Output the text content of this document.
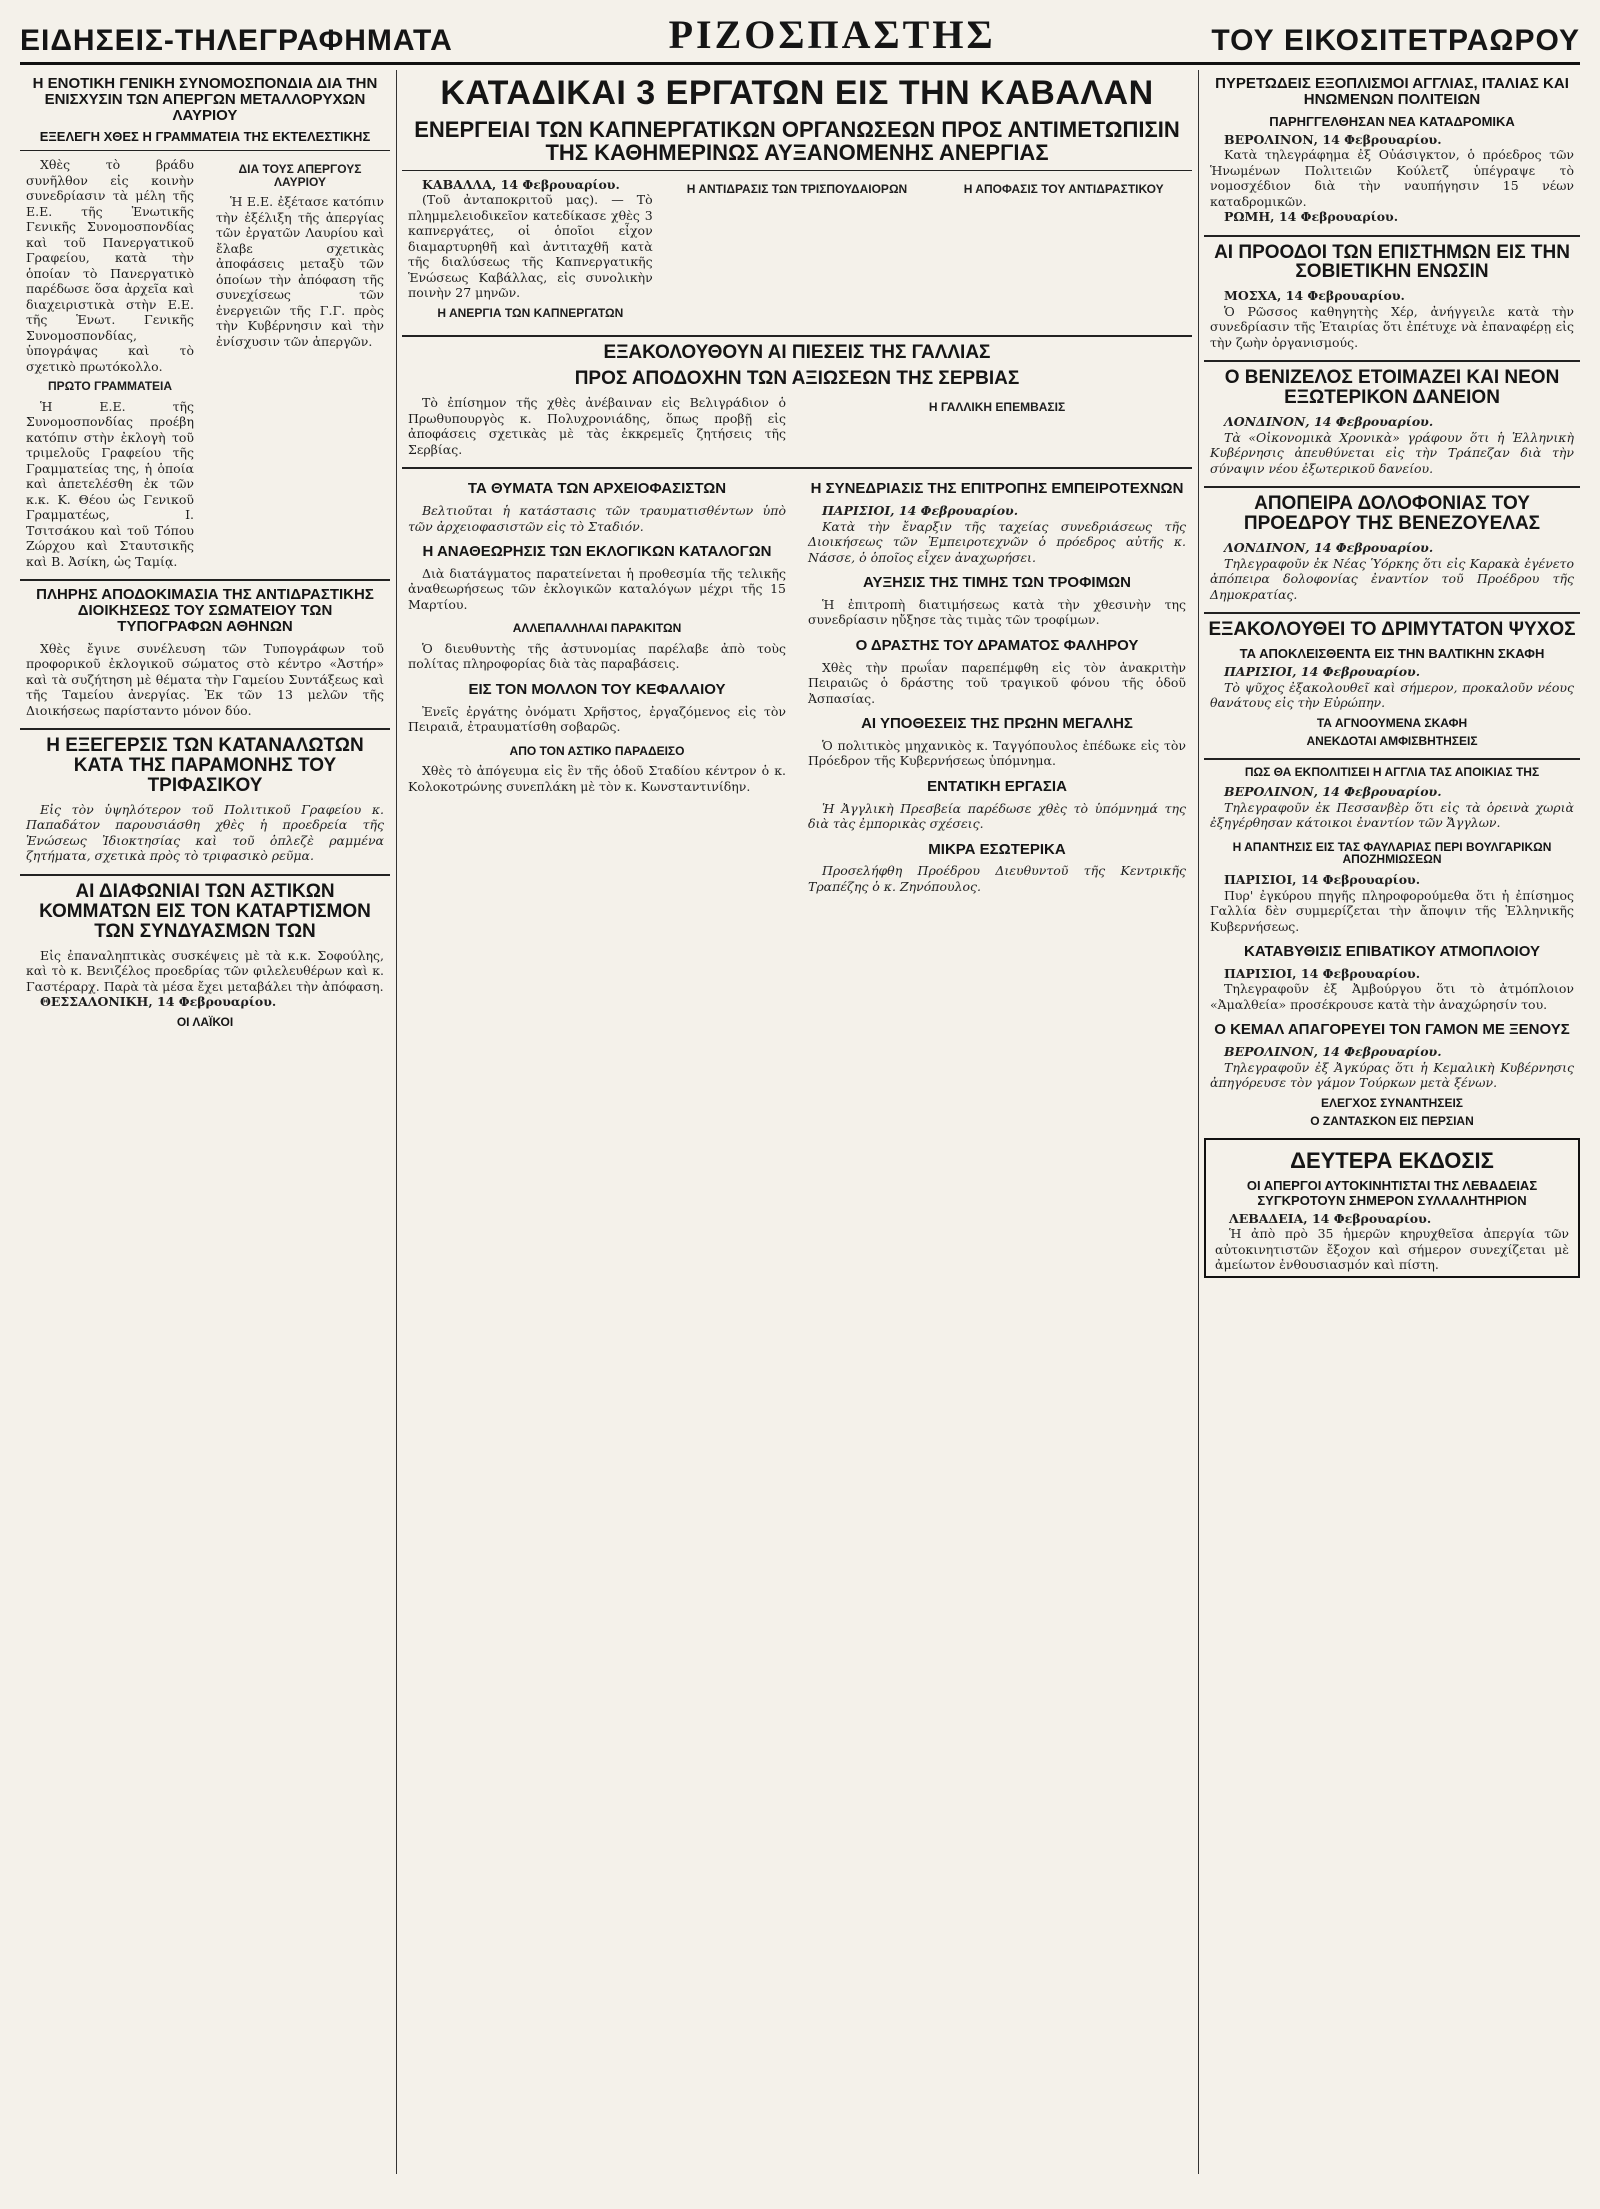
ΕΙΔΗΣΕΙΣ-ΤΗΛΕΓΡΑΦΗΜΑΤΑ	ΡΙΖΟΣΠΑΣΤΗΣ	ΤΟΥ ΕΙΚΟΣΙΤΕΤΡΑΩΡΟΥ
Η ΕΝΟΤΙΚΗ ΓΕΝΙΚΗ ΣΥΝΟΜΟΣΠΟΝΔΙΑ ΔΙΑ ΤΗΝ ΕΝΙΣΧΥΣΙΝ ΤΩΝ ΑΠΕΡΓΩΝ ΜΕΤΑΛΛΟΡΥΧΩΝ ΛΑΥΡΙΟΥ
ΕΞΕΛΕΓΗ ΧΘΕΣ Η ΓΡΑΜΜΑΤΕΙΑ ΤΗΣ ΕΚΤΕΛΕΣΤΙΚΗΣ

Χθὲς τὸ βράδυ συνῆλθον εἰς κοινὴν συνεδρίασιν τὰ μέλη τῆς Ε.Ε. τῆς Ἑνωτικῆς Γενικῆς Συνομοσπονδίας καὶ τοῦ Πανεργατικοῦ Γραφείου, κατὰ τὴν ὁποίαν τὸ Πανεργατικὸ παρέδωσε ὅσα ἀρχεῖα καὶ διαχειριστικὰ στὴν Ε.Ε. τῆς Ἑνωτ. Γενικῆς Συνομοσπονδίας, ὑπογράψας καὶ τὸ σχετικὸ πρωτόκολλο.

ΠΡΩΤΟ ΓΡΑΜΜΑΤΕΙΑ

Ἡ Ε.Ε. τῆς Συνομοσπονδίας προέβη κατόπιν στὴν ἐκλογὴ τοῦ τριμελοῦς Γραφείου τῆς Γραμματείας της, ἡ ὁποία καὶ ἀπετελέσθη ἐκ τῶν κ.κ. Κ. Θέου ὡς Γενικοῦ Γραμματέως, Ι. Τσιτσάκου καὶ τοῦ Τόπου Ζώρχου καὶ Σταυτσικῆς καὶ Β. Ἀσίκη, ὡς Ταμίᾳ.

ΔΙΑ ΤΟΥΣ ΑΠΕΡΓΟΥΣ ΛΑΥΡΙΟΥ

Ἡ Ε.Ε. ἐξέτασε κατόπιν τὴν ἐξέλιξη τῆς ἀπεργίας τῶν ἐργατῶν Λαυρίου καὶ ἔλαβε σχετικὰς ἀποφάσεις μεταξὺ τῶν ὁποίων τὴν ἀπόφαση τῆς συνεχίσεως τῶν ἐνεργειῶν τῆς Γ.Γ. πρὸς τὴν Κυβέρνησιν καὶ τὴν ἐνίσχυσιν τῶν ἀπεργῶν.

ΠΛΗΡΗΣ ΑΠΟΔΟΚΙΜΑΣΙΑ ΤΗΣ ΑΝΤΙΔΡΑΣΤΙΚΗΣ ΔΙΟΙΚΗΣΕΩΣ ΤΟΥ ΣΩΜΑΤΕΙΟΥ ΤΩΝ ΤΥΠΟΓΡΑΦΩΝ ΑΘΗΝΩΝ

Χθὲς ἔγινε συνέλευση τῶν Τυπογράφων τοῦ προφορικοῦ ἐκλογικοῦ σώματος στὸ κέντρο «Ἀστήρ» καὶ τὰ συζήτηση μὲ θέματα τὴν Γαμείου Συντάξεως καὶ τῆς Ταμείου ἀνεργίας. Ἐκ τῶν 13 μελῶν τῆς Διοικήσεως παρίσταντο μόνον δύο.

Η ΕΞΕΓΕΡΣΙΣ ΤΩΝ ΚΑΤΑΝΑΛΩΤΩΝ ΚΑΤΑ ΤΗΣ ΠΑΡΑΜΟΝΗΣ ΤΟΥ ΤΡΙΦΑΣΙΚΟΥ

Εἰς τὸν ὑψηλότερον τοῦ Πολιτικοῦ Γραφείου κ. Παπαδάτον παρουσιάσθη χθὲς ἡ προεδρεία τῆς Ἑνώσεως Ἰδιοκτησίας καὶ τοῦ ὁπλεζὲ ραμμένα ζητήματα, σχετικὰ πρὸς τὸ τριφασικὸ ρεῦμα.

ΑΙ ΔΙΑΦΩΝΙΑΙ ΤΩΝ ΑΣΤΙΚΩΝ ΚΟΜΜΑΤΩΝ ΕΙΣ ΤΟΝ ΚΑΤΑΡΤΙΣΜΟΝ ΤΩΝ ΣΥΝΔΥΑΣΜΩΝ ΤΩΝ

Εἰς ἐπαναληπτικὰς συσκέψεις μὲ τὰ κ.κ. Σοφούλης, καὶ τὸ κ. Βενιζέλος προεδρίας τῶν φιλελευθέρων καὶ κ. Γαστέραρχ. Παρὰ τὰ μέσα ἔχει μεταβάλει τὴν ἀπόφαση.

ΘΕΣΣΑΛΟΝΙΚΗ, 14 Φεβρουαρίου.

ΟΙ ΛΑΪΚΟΙ
ΚΑΤΑΔΙΚΑΙ 3 ΕΡΓΑΤΩΝ ΕΙΣ ΤΗΝ ΚΑΒΑΛΑΝ
ΕΝΕΡΓΕΙΑΙ ΤΩΝ ΚΑΠΝΕΡΓΑΤΙΚΩΝ ΟΡΓΑΝΩΣΕΩΝ ΠΡΟΣ ΑΝΤΙΜΕΤΩΠΙΣΙΝ ΤΗΣ ΚΑΘΗΜΕΡΙΝΩΣ ΑΥΞΑΝΟΜΕΝΗΣ ΑΝΕΡΓΙΑΣ

ΚΑΒΑΛΛΑ, 14 Φεβρουαρίου.

(Τοῦ ἀνταποκριτοῦ μας). — Τὸ πλημμελειοδικεῖον κατεδίκασε χθὲς 3 καπνεργάτες, οἱ ὁποῖοι εἶχον διαμαρτυρηθῆ καὶ ἀντιταχθῆ κατὰ τῆς διαλύσεως τῆς Καπνεργατικῆς Ἑνώσεως Καβάλλας, εἰς συνολικὴν ποινὴν 27 μηνῶν.

Η ΑΝΕΡΓΙΑ ΤΩΝ ΚΑΠΝΕΡΓΑΤΩΝ
Η ΑΝΤΙΔΡΑΣΙΣ ΤΩΝ ΤΡΙΣΠΟΥΔΑΙΟΡΩΝ	Η ΑΠΟΦΑΣΙΣ ΤΟΥ ΑΝΤΙΔΡΑΣΤΙΚΟΥ
ΕΞΑΚΟΛΟΥΘΟΥΝ ΑΙ ΠΙΕΣΕΙΣ ΤΗΣ ΓΑΛΛΙΑΣ
ΠΡΟΣ ΑΠΟΔΟΧΗΝ ΤΩΝ ΑΞΙΩΣΕΩΝ ΤΗΣ ΣΕΡΒΙΑΣ

Τὸ ἐπίσημον τῆς χθὲς ἀνέβαιναν εἰς Βελιγράδιον ὁ Πρωθυπουργὸς κ. Πολυχρονιάδης, ὅπως προβῇ εἰς ἀποφάσεις σχετικὰς μὲ τὰς ἐκκρεμεῖς ζητήσεις τῆς Σερβίας.

Η ΓΑΛΛΙΚΗ ΕΠΕΜΒΑΣΙΣ
ΤΑ ΘΥΜΑΤΑ ΤΩΝ ΑΡΧΕΙΟΦΑΣΙΣΤΩΝ

Βελτιοῦται ἡ κατάστασις τῶν τραυματισθέντων ὑπὸ τῶν ἀρχειοφασιστῶν εἰς τὸ Σταδιόν.

Η ΑΝΑΘΕΩΡΗΣΙΣ ΤΩΝ ΕΚΛΟΓΙΚΩΝ ΚΑΤΑΛΟΓΩΝ

Διὰ διατάγματος παρατείνεται ἡ προθεσμία τῆς τελικῆς ἀναθεωρήσεως τῶν ἐκλογικῶν καταλόγων μέχρι τῆς 15 Μαρτίου.

ΑΛΛΕΠΑΛΛΗΛΑΙ ΠΑΡΑΚΙΤΩΝ

Ὁ διευθυντὴς τῆς ἀστυνομίας παρέλαβε ἀπὸ τοὺς πολίτας πληροφορίας διὰ τὰς παραβάσεις.

ΕΙΣ ΤΟΝ ΜΟΛΛΟΝ ΤΟΥ ΚΕΦΑΛΑΙΟΥ

Ἐνεῖς ἐργάτης ὀνόματι Χρῆστος, ἐργαζόμενος εἰς τὸν Πειραιᾶ, ἐτραυματίσθη σοβαρῶς.

ΑΠΟ ΤΟΝ ΑΣΤΙΚΟ ΠΑΡΑΔΕΙΣΟ

Χθὲς τὸ ἀπόγευμα εἰς ἓν τῆς ὁδοῦ Σταδίου κέντρον ὁ κ. Κολοκοτρώνης συνεπλάκη μὲ τὸν κ. Κωνσταντινίδην.

Η ΣΥΝΕΔΡΙΑΣΙΣ ΤΗΣ ΕΠΙΤΡΟΠΗΣ ΕΜΠΕΙΡΟΤΕΧΝΩΝ

ΠΑΡΙΣΙΟΙ, 14 Φεβρουαρίου.

Κατὰ τὴν ἔναρξιν τῆς ταχείας συνεδριάσεως τῆς Διοικήσεως τῶν Ἐμπειροτεχνῶν ὁ πρόεδρος αὐτῆς κ. Νάσσε, ὁ ὁποῖος εἶχεν ἀναχωρήσει.

ΑΥΞΗΣΙΣ ΤΗΣ ΤΙΜΗΣ ΤΩΝ ΤΡΟΦΙΜΩΝ

Ἡ ἐπιτροπὴ διατιμήσεως κατὰ τὴν χθεσινὴν της συνεδρίασιν ηὔξησε τὰς τιμὰς τῶν τροφίμων.

Ο ΔΡΑΣΤΗΣ ΤΟΥ ΔΡΑΜΑΤΟΣ ΦΑΛΗΡΟΥ

Χθὲς τὴν πρωΐαν παρεπέμφθη εἰς τὸν ἀνακριτὴν Πειραιῶς ὁ δράστης τοῦ τραγικοῦ φόνου τῆς ὁδοῦ Ἀσπασίας.

ΑΙ ΥΠΟΘΕΣΕΙΣ ΤΗΣ ΠΡΩΗΝ ΜΕΓΑΛΗΣ

Ὁ πολιτικὸς μηχανικὸς κ. Ταγγόπουλος ἐπέδωκε εἰς τὸν Πρόεδρον τῆς Κυβερνήσεως ὑπόμνημα.

ΕΝΤΑΤΙΚΗ ΕΡΓΑΣΙΑ

Ἡ Ἀγγλικὴ Πρεσβεία παρέδωσε χθὲς τὸ ὑπόμνημά της διὰ τὰς ἐμπορικὰς σχέσεις.

ΜΙΚΡΑ ΕΣΩΤΕΡΙΚΑ

Προσελήφθη Προέδρου Διευθυντοῦ τῆς Κεντρικῆς Τραπέζης ὁ κ. Ζηνόπουλος.

ΠΥΡΕΤΩΔΕΙΣ ΕΞΟΠΛΙΣΜΟΙ ΑΓΓΛΙΑΣ, ΙΤΑΛΙΑΣ ΚΑΙ ΗΝΩΜΕΝΩΝ ΠΟΛΙΤΕΙΩΝ
ΠΑΡΗΓΓΕΛΘΗΣΑΝ ΝΕΑ ΚΑΤΑΔΡΟΜΙΚΑ

ΒΕΡΟΛΙΝΟΝ, 14 Φεβρουαρίου.

Κατὰ τηλεγράφημα ἐξ Οὐάσιγκτον, ὁ πρόεδρος τῶν Ἡνωμένων Πολιτειῶν Κούλετζ ὑπέγραψε τὸ νομοσχέδιον διὰ τὴν ναυπήγησιν 15 νέων καταδρομικῶν.

ΡΩΜΗ, 14 Φεβρουαρίου.

ΑΙ ΠΡΟΟΔΟΙ ΤΩΝ ΕΠΙΣΤΗΜΩΝ ΕΙΣ ΤΗΝ ΣΟΒΙΕΤΙΚΗΝ ΕΝΩΣΙΝ

ΜΟΣΧΑ, 14 Φεβρουαρίου.

Ὁ Ρῶσσος καθηγητὴς Χέρ, ἀνήγγειλε κατὰ τὴν συνεδρίασιν τῆς Ἑταιρίας ὅτι ἐπέτυχε νὰ ἐπαναφέρῃ εἰς τὴν ζωὴν ὀργανισμούς.

Ο ΒΕΝΙΖΕΛΟΣ ΕΤΟΙΜΑΖΕΙ ΚΑΙ ΝΕΟΝ ΕΞΩΤΕΡΙΚΟΝ ΔΑΝΕΙΟΝ

ΛΟΝΔΙΝΟΝ, 14 Φεβρουαρίου.

Τὰ «Οἰκονομικὰ Χρονικὰ» γράφουν ὅτι ἡ Ἑλληνικὴ Κυβέρνησις ἀπευθύνεται εἰς τὴν Τράπεζαν διὰ τὴν σύναψιν νέου ἐξωτερικοῦ δανείου.

ΑΠΟΠΕΙΡΑ ΔΟΛΟΦΟΝΙΑΣ ΤΟΥ ΠΡΟΕΔΡΟΥ ΤΗΣ ΒΕΝΕΖΟΥΕΛΑΣ

ΛΟΝΔΙΝΟΝ, 14 Φεβρουαρίου.

Τηλεγραφοῦν ἐκ Νέας Ὑόρκης ὅτι εἰς Καρακὰ ἐγένετο ἀπόπειρα δολοφονίας ἐναντίον τοῦ Προέδρου τῆς Δημοκρατίας.

ΕΞΑΚΟΛΟΥΘΕΙ ΤΟ ΔΡΙΜΥΤΑΤΟΝ ΨΥΧΟΣ
ΤΑ ΑΠΟΚΛΕΙΣΘΕΝΤΑ ΕΙΣ ΤΗΝ ΒΑΛΤΙΚΗΝ ΣΚΑΦΗ

ΠΑΡΙΣΙΟΙ, 14 Φεβρουαρίου.

Τὸ ψῦχος ἐξακολουθεῖ καὶ σήμερον, προκαλοῦν νέους θανάτους εἰς τὴν Εὐρώπην.

ΤΑ ΑΓΝΟΟΥΜΕΝΑ ΣΚΑΦΗ
ΑΝΕΚΔΟΤΑΙ ΑΜΦΙΣΒΗΤΗΣΕΙΣ
ΠΩΣ ΘΑ ΕΚΠΟΛΙΤΙΣΕΙ Η ΑΓΓΛΙΑ ΤΑΣ ΑΠΟΙΚΙΑΣ ΤΗΣ

ΒΕΡΟΛΙΝΟΝ, 14 Φεβρουαρίου.

Τηλεγραφοῦν ἐκ Πεσσανβὲρ ὅτι εἰς τὰ ὁρεινὰ χωριὰ ἐξηγέρθησαν κάτοικοι ἐναντίον τῶν Ἄγγλων.

Η ΑΠΑΝΤΗΣΙΣ ΕΙΣ ΤΑΣ ΦΑΥΛΑΡΙΑΣ ΠΕΡΙ ΒΟΥΛΓΑΡΙΚΩΝ ΑΠΟΖΗΜΙΩΣΕΩΝ

ΠΑΡΙΣΙΟΙ, 14 Φεβρουαρίου.

Πυρ' ἐγκύρου πηγῆς πληροφορούμεθα ὅτι ἡ ἐπίσημος Γαλλία δὲν συμμερίζεται τὴν ἄποψιν τῆς Ἑλληνικῆς Κυβερνήσεως.

ΚΑΤΑΒΥΘΙΣΙΣ ΕΠΙΒΑΤΙΚΟΥ ΑΤΜΟΠΛΟΙΟΥ

ΠΑΡΙΣΙΟΙ, 14 Φεβρουαρίου.

Τηλεγραφοῦν ἐξ Ἀμβούργου ὅτι τὸ ἀτμόπλοιον «Ἀμαλθεία» προσέκρουσε κατὰ τὴν ἀναχώρησίν του.

Ο ΚΕΜΑΛ ΑΠΑΓΟΡΕΥΕΙ ΤΟΝ ΓΑΜΟΝ ΜΕ ΞΕΝΟΥΣ

ΒΕΡΟΛΙΝΟΝ, 14 Φεβρουαρίου.

Τηλεγραφοῦν ἐξ Ἀγκύρας ὅτι ἡ Κεμαλικὴ Κυβέρνησις ἀπηγόρευσε τὸν γάμον Τούρκων μετὰ ξένων.

ΕΛΕΓΧΟΣ ΣΥΝΑΝΤΗΣΕΙΣ
Ο ΖΑΝΤΑΣΚΟΝ ΕΙΣ ΠΕΡΣΙΑΝ
ΔΕΥΤΕΡΑ ΕΚΔΟΣΙΣ
ΟΙ ΑΠΕΡΓΟΙ ΑΥΤΟΚΙΝΗΤΙΣΤΑΙ ΤΗΣ ΛΕΒΑΔΕΙΑΣ ΣΥΓΚΡΟΤΟΥΝ ΣΗΜΕΡΟΝ ΣΥΛΛΑΛΗΤΗΡΙΟΝ

ΛΕΒΑΔΕΙΑ, 14 Φεβρουαρίου.

Ἡ ἀπὸ πρὸ 35 ἡμερῶν κηρυχθεῖσα ἀπεργία τῶν αὐτοκινητιστῶν ἔξοχον καὶ σήμερον συνεχίζεται μὲ ἀμείωτον ἐνθουσιασμόν καὶ πίστη.
